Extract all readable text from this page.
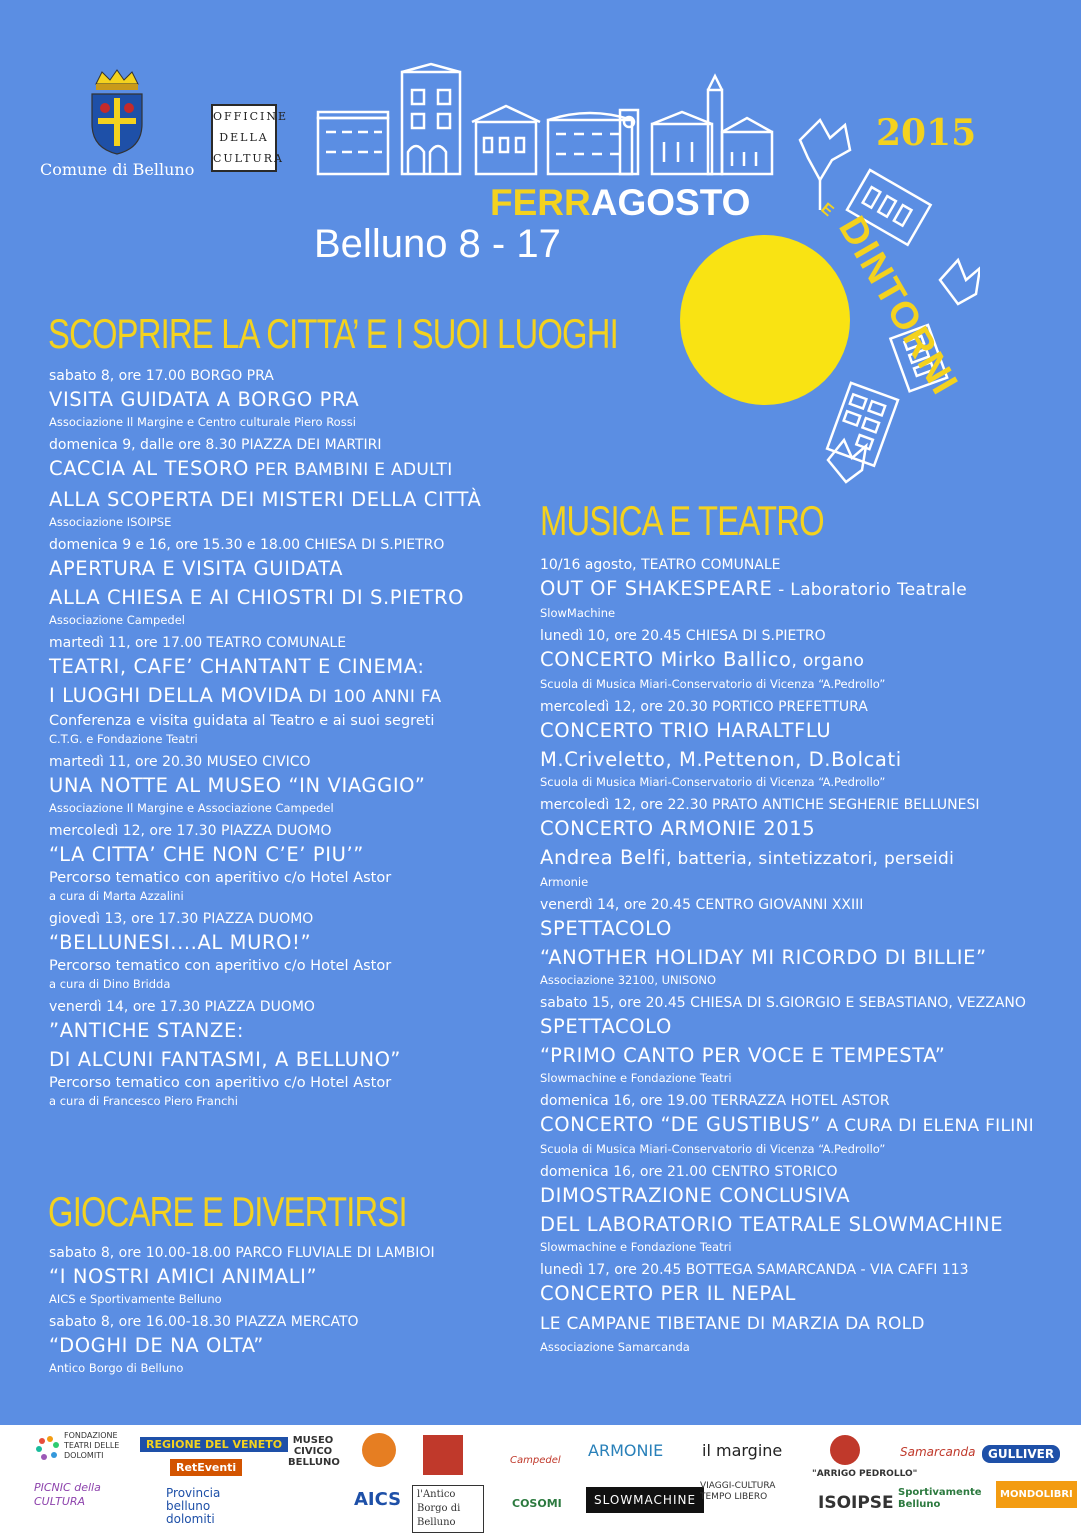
Comune di Belluno
OFFICINE
DELLA
CULTURA
2015
FERRAGOSTO
Belluno 8 - 17
E
DINTORNI
SCOPRIRE LA CITTA’ E I SUOI LUOGHI
sabato 8, ore 17.00 BORGO PRA
VISITA GUIDATA A BORGO PRA
Associazione Il Margine e Centro culturale Piero Rossi
domenica 9, dalle ore 8.30 PIAZZA DEI MARTIRI
CACCIA AL TESORO PER BAMBINI E ADULTI
ALLA SCOPERTA DEI MISTERI DELLA CITTÀ
Associazione ISOIPSE
domenica 9 e 16, ore 15.30 e 18.00 CHIESA DI S.PIETRO
APERTURA E VISITA GUIDATA
ALLA CHIESA E AI CHIOSTRI DI S.PIETRO
Associazione Campedel
martedì 11, ore 17.00 TEATRO COMUNALE
TEATRI, CAFE’ CHANTANT E CINEMA:
I LUOGHI DELLA MOVIDA DI 100 ANNI FA
Conferenza e visita guidata al Teatro e ai suoi segreti
C.T.G. e Fondazione Teatri
martedì 11, ore 20.30 MUSEO CIVICO
UNA NOTTE AL MUSEO “IN VIAGGIO”
Associazione Il Margine e Associazione Campedel
mercoledì 12, ore 17.30 PIAZZA DUOMO
“LA CITTA’ CHE NON C’E’ PIU’”
Percorso tematico con aperitivo c/o Hotel Astor
a cura di Marta Azzalini
giovedì 13, ore 17.30 PIAZZA DUOMO
“BELLUNESI....AL MURO!”
Percorso tematico con aperitivo c/o Hotel Astor
a cura di Dino Bridda
venerdì 14, ore 17.30 PIAZZA DUOMO
”ANTICHE STANZE:
DI ALCUNI FANTASMI, A BELLUNO”
Percorso tematico con aperitivo c/o Hotel Astor
a cura di Francesco Piero Franchi
GIOCARE E DIVERTIRSI
sabato 8, ore 10.00-18.00 PARCO FLUVIALE DI LAMBIOI
“I NOSTRI AMICI ANIMALI”
AICS e Sportivamente Belluno
sabato 8, ore 16.00-18.30 PIAZZA MERCATO
“DOGHI DE NA OLTA”
Antico Borgo di Belluno
MUSICA E TEATRO
10/16 agosto, TEATRO COMUNALE
OUT OF SHAKESPEARE - Laboratorio Teatrale
SlowMachine
lunedì 10, ore 20.45 CHIESA DI S.PIETRO
CONCERTO Mirko Ballico, organo
Scuola di Musica Miari-Conservatorio di Vicenza “A.Pedrollo”
mercoledì 12, ore 20.30 PORTICO PREFETTURA
CONCERTO TRIO HARALTFLU
M.Criveletto, M.Pettenon, D.Bolcati
Scuola di Musica Miari-Conservatorio di Vicenza “A.Pedrollo”
mercoledì 12, ore 22.30 PRATO ANTICHE SEGHERIE BELLUNESI
CONCERTO ARMONIE 2015
Andrea Belfi, batteria, sintetizzatori, perseidi
Armonie
venerdì 14, ore 20.45 CENTRO GIOVANNI XXIII
SPETTACOLO
“ANOTHER HOLIDAY MI RICORDO DI BILLIE”
Associazione 32100, UNISONO
sabato 15, ore 20.45 CHIESA DI S.GIORGIO E SEBASTIANO, VEZZANO
SPETTACOLO
“PRIMO CANTO PER VOCE E TEMPESTA”
Slowmachine e Fondazione Teatri
domenica 16, ore 19.00 TERRAZZA HOTEL ASTOR
CONCERTO “DE GUSTIBUS” A CURA DI ELENA FILINI
Scuola di Musica Miari-Conservatorio di Vicenza “A.Pedrollo”
domenica 16, ore 21.00 CENTRO STORICO
DIMOSTRAZIONE CONCLUSIVA
DEL LABORATORIO TEATRALE SLOWMACHINE
Slowmachine e Fondazione Teatri
lunedì 17, ore 20.45 BOTTEGA SAMARCANDA - VIA CAFFI 113
CONCERTO PER IL NEPAL
LE CAMPANE TIBETANE DI MARZIA DA ROLD
Associazione Samarcanda
FONDAZIONE TEATRI DELLE DOLOMITI
PICNIC della CULTURA
REGIONE DEL VENETO
RetEventi
Provincia belluno dolomiti
MUSEO CIVICO BELLUNO
AICS	l'Antico Borgo di Belluno
Campedel
COSOMI
ARMONIE
SLOWMACHINE
il margine
VIAGGI-CULTURA TEMPO LIBERO
"ARRIGO PEDROLLO"
ISOIPSE
Samarcanda
Sportivamente Belluno
GULLIVER
MONDOLIBRI
